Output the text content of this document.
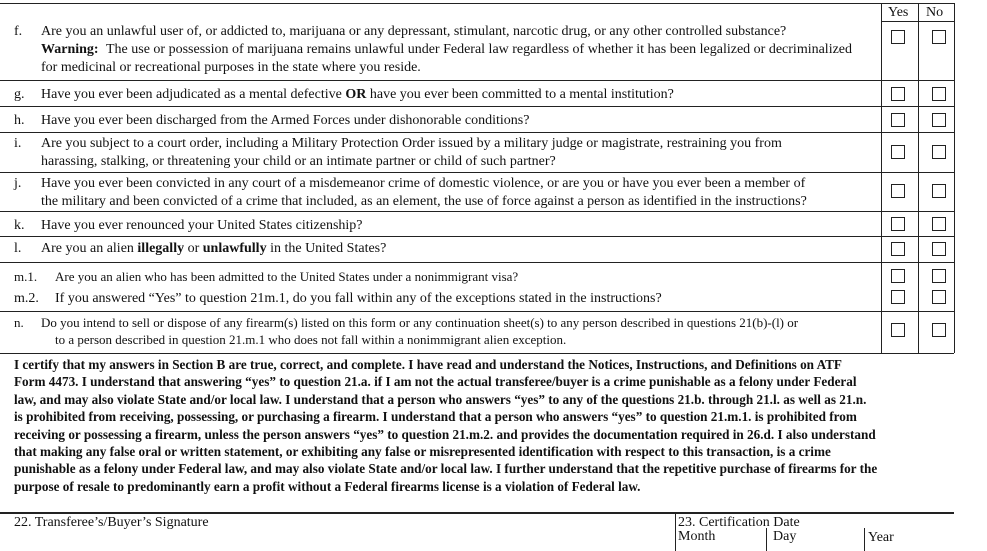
Yes No
f. Are you an unlawful user of, or addicted to, marijuana or any depressant, stimulant, narcotic drug, or any other controlled substance?
Warning: The use or possession of marijuana remains unlawful under Federal law regardless of whether it has been legalized or decriminalized
for medicinal or recreational purposes in the state where you reside.
g. Have you ever been adjudicated as a mental defective OR have you ever been committed to a mental institution?
h. Have you ever been discharged from the Armed Forces under dishonorable conditions?
i. Are you subject to a court order, including a Military Protection Order issued by a military judge or magistrate, restraining you from
harassing, stalking, or threatening your child or an intimate partner or child of such partner?
j. Have you ever been convicted in any court of a misdemeanor crime of domestic violence, or are you or have you ever been a member of
the military and been convicted of a crime that included, as an element, the use of force against a person as identified in the instructions?
k. Have you ever renounced your United States citizenship?
l. Are you an alien illegally or unlawfully in the United States?
m.1. Are you an alien who has been admitted to the United States under a nonimmigrant visa?
m.2. If you answered “Yes” to question 21m.1, do you fall within any of the exceptions stated in the instructions?
n. Do you intend to sell or dispose of any firearm(s) listed on this form or any continuation sheet(s) to any person described in questions 21(b)-(l) or
to a person described in question 21.m.1 who does not fall within a nonimmigrant alien exception.

I certify that my answers in Section B are true, correct, and complete. I have read and understand the Notices, Instructions, and Definitions on ATF

Form 4473. I understand that answering “yes” to question 21.a. if I am not the actual transferee/buyer is a crime punishable as a felony under Federal

law, and may also violate State and/or local law. I understand that a person who answers “yes” to any of the questions 21.b. through 21.l. as well as 21.n.

is prohibited from receiving, possessing, or purchasing a firearm. I understand that a person who answers “yes” to question 21.m.1. is prohibited from

receiving or possessing a firearm, unless the person answers “yes” to question 21.m.2. and provides the documentation required in 26.d. I also understand

that making any false oral or written statement, or exhibiting any false or misrepresented identification with respect to this transaction, is a crime

punishable as a felony under Federal law, and may also violate State and/or local law. I further understand that the repetitive purchase of firearms for the

purpose of resale to predominantly earn a profit without a Federal firearms license is a violation of Federal law.

22. Transferee’s/Buyer’s Signature	23. Certification Date
Month	Day	Year
